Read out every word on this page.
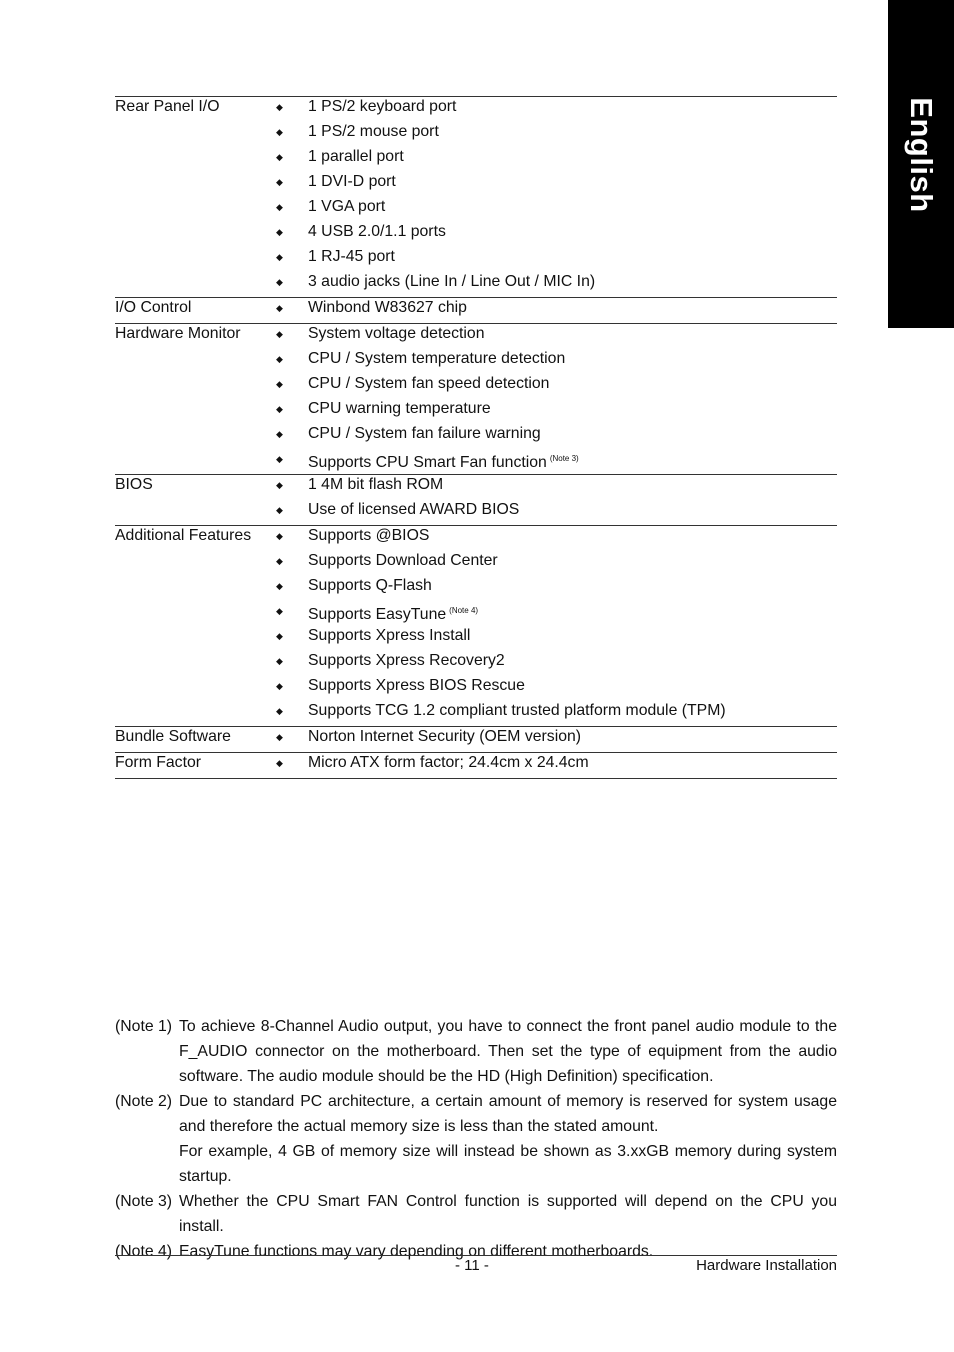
English
Rear Panel I/O	◆ 1 PS/2 keyboard port
◆ 1 PS/2 mouse port
◆ 1 parallel port
◆ 1 DVI-D port
◆ 1 VGA port
◆ 4 USB 2.0/1.1 ports
◆ 1 RJ-45 port
◆ 3 audio jacks (Line In / Line Out / MIC In)
I/O Control	◆ Winbond W83627 chip
Hardware Monitor	◆ System voltage detection
◆ CPU / System temperature detection
◆ CPU / System fan speed detection
◆ CPU warning temperature
◆ CPU / System fan failure warning
◆ Supports CPU Smart Fan function $^{(Note 3)}$
BIOS	◆ 1 4M bit flash ROM
◆ Use of licensed AWARD BIOS
Additional Features	◆ Supports @BIOS
◆ Supports Download Center
◆ Supports Q-Flash
◆ Supports EasyTune $^{(Note 4)}$
◆ Supports Xpress Install
◆ Supports Xpress Recovery2
◆ Supports Xpress BIOS Rescue
◆ Supports TCG 1.2 compliant trusted platform module (TPM)
Bundle Software	◆ Norton Internet Security (OEM version)
Form Factor	◆ Micro ATX form factor; 24.4cm x 24.4cm
(Note 1) To achieve 8-Channel Audio output, you have to connect the front panel audio module to the F_AUDIO connector on the motherboard. Then set the type of equipment from the audio software. The audio module should be the HD (High Definition) specification.
(Note 2) Due to standard PC architecture, a certain amount of memory is reserved for system usage and therefore the actual memory size is less than the stated amount.
For example, 4 GB of memory size will instead be shown as 3.xxGB memory during system startup.
(Note 3) Whether the CPU Smart FAN Control function is supported will depend on the CPU you install.
(Note 4) EasyTune functions may vary depending on different motherboards.
- 11 -	Hardware Installation
